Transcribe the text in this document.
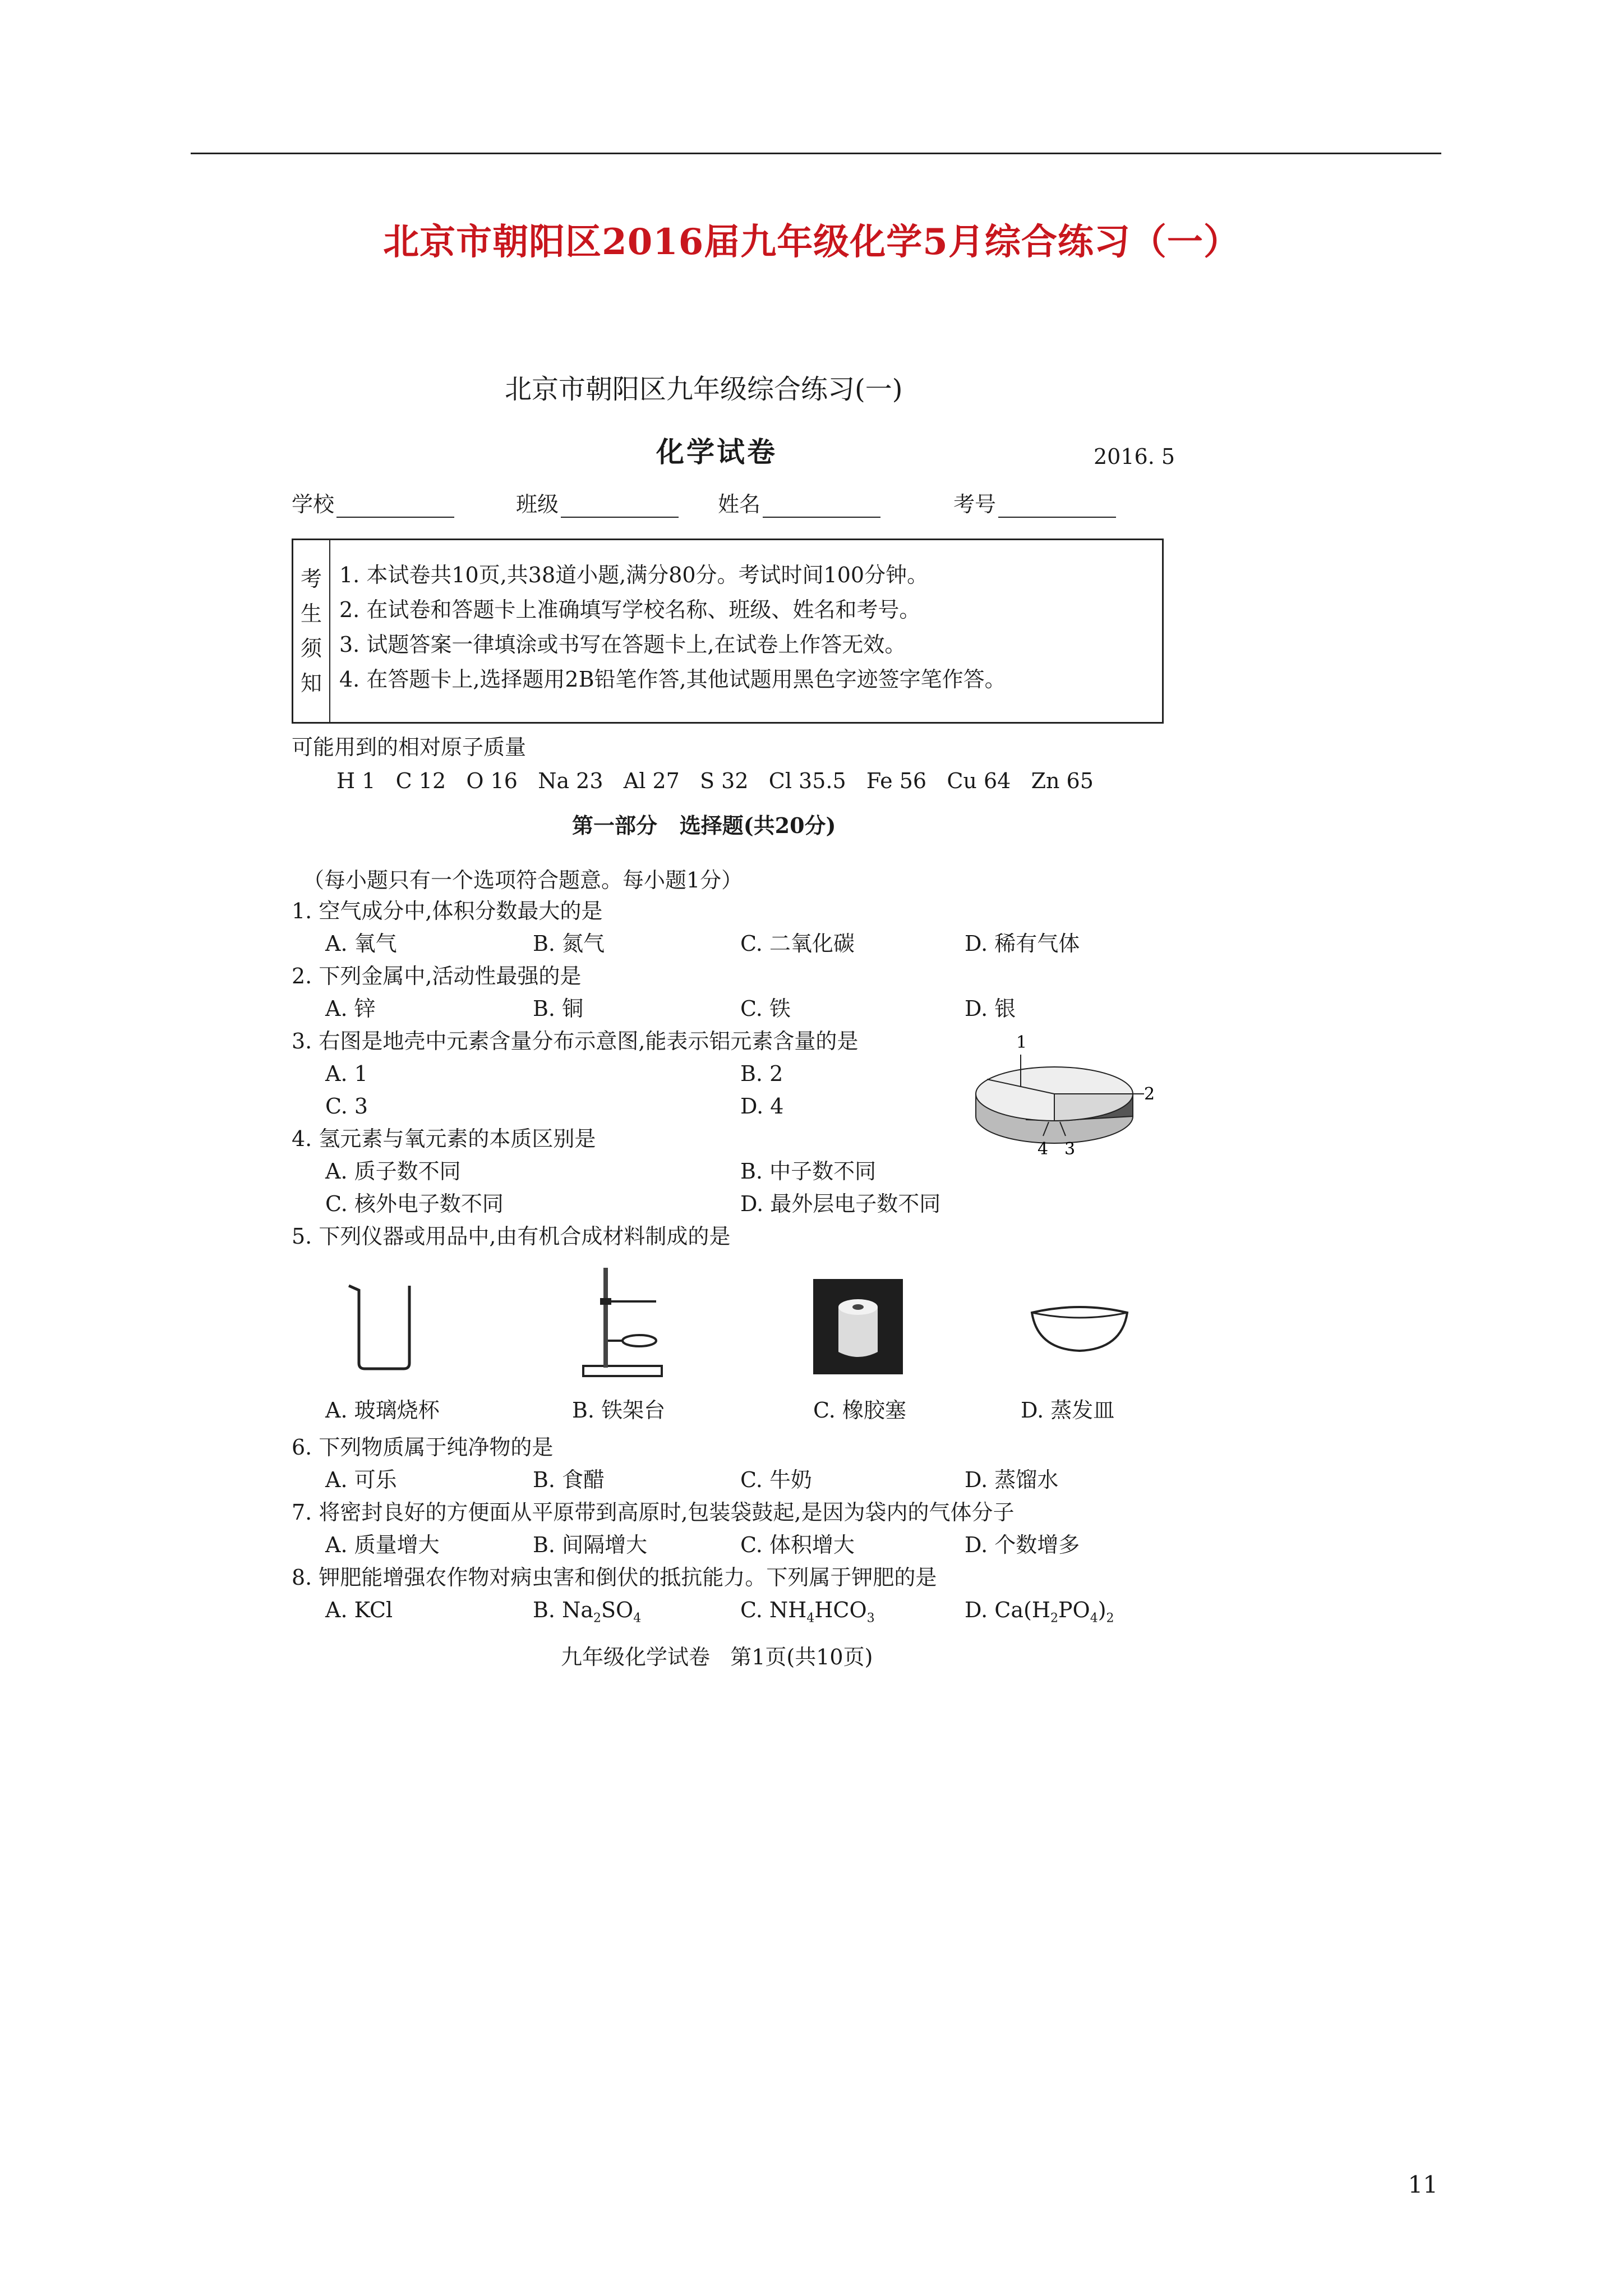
北京市朝阳区2016届九年级化学5月综合练习（一）
北京市朝阳区九年级综合练习(一)
化学试卷	2016. 5
学校	班级	姓名	考号
考
生
须
知
1. 本试卷共10页,共38道小题,满分80分。考试时间100分钟。
2. 在试卷和答题卡上准确填写学校名称、班级、姓名和考号。
3. 试题答案一律填涂或书写在答题卡上,在试卷上作答无效。
4. 在答题卡上,选择题用2B铅笔作答,其他试题用黑色字迹签字笔作答。
可能用到的相对原子质量
H 1   C 12   O 16   Na 23   Al 27   S 32   Cl 35.5   Fe 56   Cu 64   Zn 65
第一部分   选择题(共20分)
（每小题只有一个选项符合题意。每小题1分）
1. 空气成分中,体积分数最大的是
A. 氧气	B. 氮气	C. 二氧化碳	D. 稀有气体
2. 下列金属中,活动性最强的是
A. 锌	B. 铜	C. 铁	D. 银
3. 右图是地壳中元素含量分布示意图,能表示铝元素含量的是
A. 1	B. 2
C. 3	D. 4
1
2
4 3
4. 氢元素与氧元素的本质区别是
A. 质子数不同	B. 中子数不同
C. 核外电子数不同	D. 最外层电子数不同
5. 下列仪器或用品中,由有机合成材料制成的是
A. 玻璃烧杯	B. 铁架台	C. 橡胶塞	D. 蒸发皿
6. 下列物质属于纯净物的是
A. 可乐	B. 食醋	C. 牛奶	D. 蒸馏水
7. 将密封良好的方便面从平原带到高原时,包装袋鼓起,是因为袋内的气体分子
A. 质量增大	B. 间隔增大	C. 体积增大	D. 个数增多
8. 钾肥能增强农作物对病虫害和倒伏的抵抗能力。下列属于钾肥的是
A. KCl	B. $Na_2SO_4$	C. $NH_4HCO_3$	D. $Ca(H_2PO_4)_2$
九年级化学试卷   第1页(共10页)
11
